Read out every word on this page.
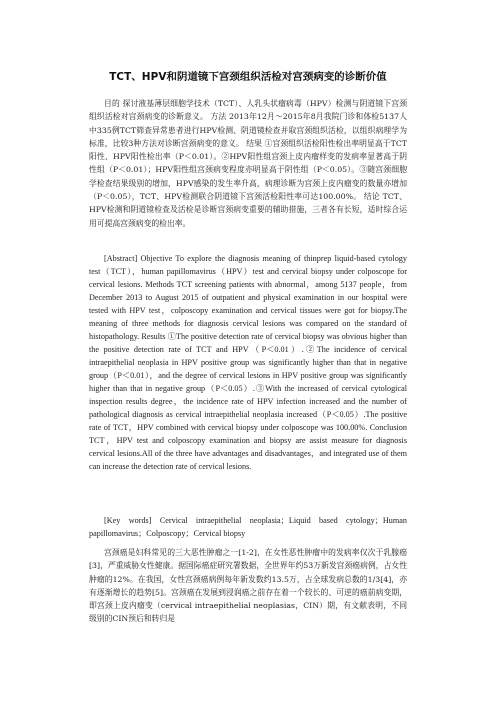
TCT、HPV和阴道镜下宫颈组织活检对宫颈病变的诊断价值
目的 探讨液基薄层细胞学技术（TCT）、人乳头状瘤病毒（HPV）检测与阴道镜下宫颈组织活检对宫颈病变的诊断意义。 方法 2013年12月～2015年8月我院门诊和体检5137人中335例TCT筛查异常患者进行HPV检测、阴道镜检查并取宫颈组织活检，以组织病理学为标准，比较3种方法对诊断宫颈病变的意义。 结果 ①宫颈组织活检阳性检出率明显高于TCT阳性、HPV阳性检出率（P＜0.01）。②HPV阳性组宫颈上皮内瘤样变的发病率显著高于阴性组（P＜0.01）；HPV阳性组宫颈病变程度亦明显高于阴性组（P＜0.05）。③随宫颈细胞学检查结果级别的增加，HPV感染的发生率升高，病理诊断为宫颈上皮内瘤变的数量亦增加（P＜0.05），TCT、HPV检测联合阴道镜下宫颈活检阳性率可达100.00%。 结论 TCT、HPV检测和阴道镜检查及活检是诊断宫颈病变重要的辅助措施，三者各有长短，适时综合运用可提高宫颈病变的检出率。
[Abstract] Objective To explore the diagnosis meaning of thinprep liquid-based cytology test（TCT），human papillomavirus（HPV）test and cervical biopsy under colposcope for cervical lesions. Methods TCT screening patients with abnormal，among 5137 people，from December 2013 to August 2015 of outpatient and physical examination in our hospital were tested with HPV test，colposcopy examination and cervical tissues were got for biopsy.The meaning of three methods for diagnosis cervical lesions was compared on the standard of histopathology. Results ①The positive detection rate of cervical biopsy was obvious higher than the positive detection rate of TCT and HPV（P＜0.01）.②The incidence of cervical intraepithelial neoplasia in HPV positive group was significantly higher than that in negative group（P＜0.01），and the degree of cervical lesions in HPV positive group was significantly higher than that in negative group（P＜0.05）.③With the increased of cervical cytological inspection results degree，the incidence rate of HPV infection increased and the number of pathological diagnosis as cervical intraepithelial neoplasia increased（P＜0.05）.The positive rate of TCT，HPV combined with cervical biopsy under colposcope was 100.00%. Conclusion TCT，HPV test and colposcopy examination and biopsy are assist measure for diagnosis cervical lesions.All of the three have advantages and disadvantages，and integrated use of them can increase the detection rate of cervical lesions.
[Key words] Cervical intraepithelial neoplasia；Liquid based cytology；Human papillomavirus；Colposcopy；Cervical biopsy
宫颈癌是妇科常见的三大恶性肿瘤之一[1-2]，在女性恶性肿瘤中的发病率仅次于乳腺癌[3]，严重威胁女性健康。据国际癌症研究署数据，全世界年约53万新发宫颈癌病例，占女性肿瘤的12%。在我国，女性宫颈癌病例每年新发数约13.5万，占全球发病总数的1/3[4]，亦有逐渐增长的趋势[5]。宫颈癌在发展到浸润癌之前存在着一个较长的、可逆的癌前病变期，即宫颈上皮内瘤变（cervical intraepithelial neoplasias，CIN）期，有文献表明，不同级别的CIN预后和转归是
